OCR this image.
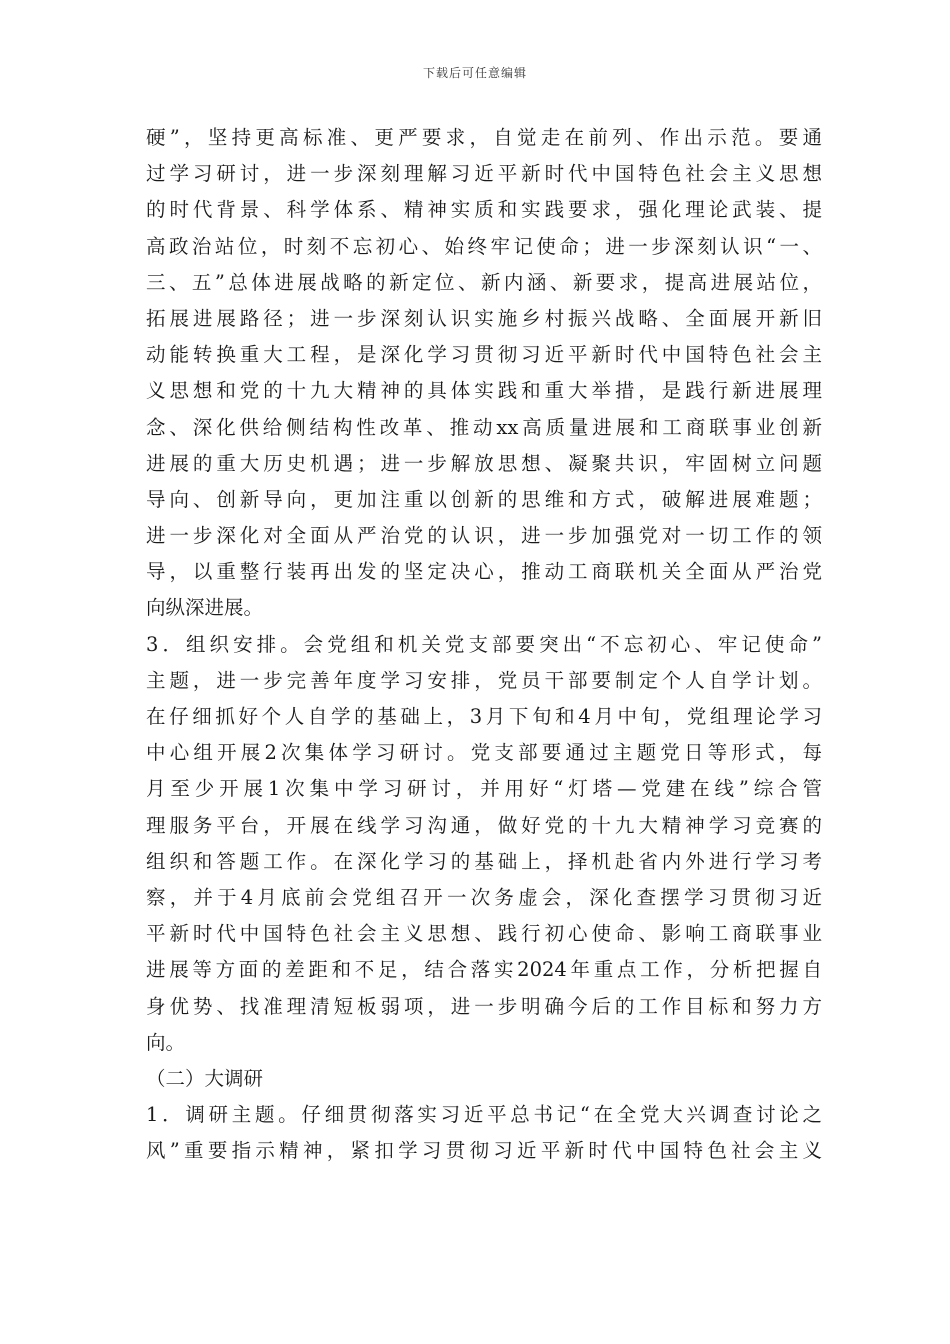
下载后可任意编辑
硬”，坚持更高标准、更严要求，自觉走在前列、作出示范。要通
过学习研讨，进一步深刻理解习近平新时代中国特色社会主义思想
的时代背景、科学体系、精神实质和实践要求，强化理论武装、提
高政治站位，时刻不忘初心、始终牢记使命；进一步深刻认识“一、
三、五”总体进展战略的新定位、新内涵、新要求，提高进展站位，
拓展进展路径；进一步深刻认识实施乡村振兴战略、全面展开新旧
动能转换重大工程，是深化学习贯彻习近平新时代中国特色社会主
义思想和党的十九大精神的具体实践和重大举措，是践行新进展理
念、深化供给侧结构性改革、推动xx高质量进展和工商联事业创新
进展的重大历史机遇；进一步解放思想、凝聚共识，牢固树立问题
导向、创新导向，更加注重以创新的思维和方式，破解进展难题；
进一步深化对全面从严治党的认识，进一步加强党对一切工作的领
导，以重整行装再出发的坚定决心，推动工商联机关全面从严治党
向纵深进展。
3．组织安排。会党组和机关党支部要突出“不忘初心、牢记使命”
主题，进一步完善年度学习安排，党员干部要制定个人自学计划。
在仔细抓好个人自学的基础上，3月下旬和4月中旬，党组理论学习
中心组开展2次集体学习研讨。党支部要通过主题党日等形式，每
月至少开展1次集中学习研讨，并用好“灯塔—党建在线”综合管
理服务平台，开展在线学习沟通，做好党的十九大精神学习竞赛的
组织和答题工作。在深化学习的基础上，择机赴省内外进行学习考
察，并于4月底前会党组召开一次务虚会，深化查摆学习贯彻习近
平新时代中国特色社会主义思想、践行初心使命、影响工商联事业
进展等方面的差距和不足，结合落实2024年重点工作，分析把握自
身优势、找准理清短板弱项，进一步明确今后的工作目标和努力方
向。
（二）大调研
1．调研主题。仔细贯彻落实习近平总书记“在全党大兴调查讨论之
风”重要指示精神，紧扣学习贯彻习近平新时代中国特色社会主义
